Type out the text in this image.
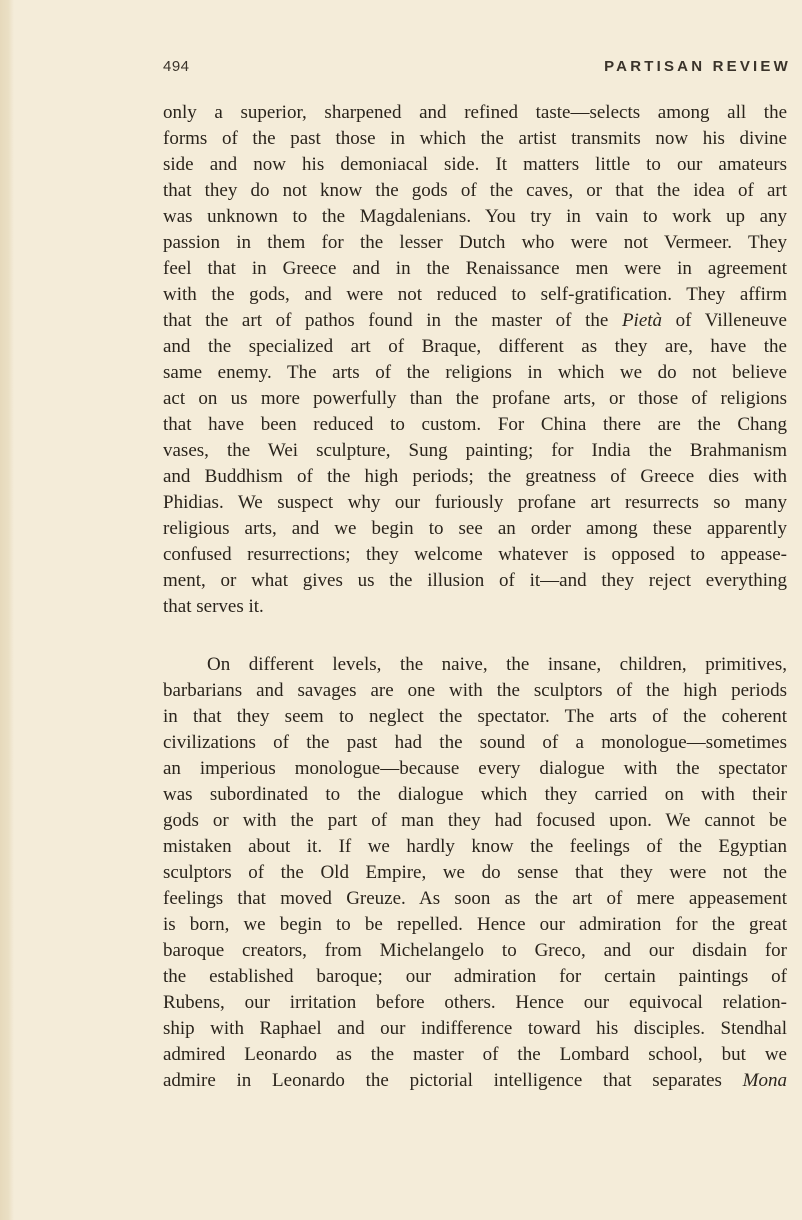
494	PARTISAN REVIEW
only a superior, sharpened and refined taste—selects among all the
forms of the past those in which the artist transmits now his divine
side and now his demoniacal side. It matters little to our amateurs
that they do not know the gods of the caves, or that the idea of art
was unknown to the Magdalenians. You try in vain to work up any
passion in them for the lesser Dutch who were not Vermeer. They
feel that in Greece and in the Renaissance men were in agreement
with the gods, and were not reduced to self-gratification. They affirm
that the art of pathos found in the master of the Pietà of Villeneuve
and the specialized art of Braque, different as they are, have the
same enemy. The arts of the religions in which we do not believe
act on us more powerfully than the profane arts, or those of religions
that have been reduced to custom. For China there are the Chang
vases, the Wei sculpture, Sung painting; for India the Brahmanism
and Buddhism of the high periods; the greatness of Greece dies with
Phidias. We suspect why our furiously profane art resurrects so many
religious arts, and we begin to see an order among these apparently
confused resurrections; they welcome whatever is opposed to appease-
ment, or what gives us the illusion of it—and they reject everything
that serves it.
On different levels, the naive, the insane, children, primitives,
barbarians and savages are one with the sculptors of the high periods
in that they seem to neglect the spectator. The arts of the coherent
civilizations of the past had the sound of a monologue—sometimes
an imperious monologue—because every dialogue with the spectator
was subordinated to the dialogue which they carried on with their
gods or with the part of man they had focused upon. We cannot be
mistaken about it. If we hardly know the feelings of the Egyptian
sculptors of the Old Empire, we do sense that they were not the
feelings that moved Greuze. As soon as the art of mere appeasement
is born, we begin to be repelled. Hence our admiration for the great
baroque creators, from Michelangelo to Greco, and our disdain for
the established baroque; our admiration for certain paintings of
Rubens, our irritation before others. Hence our equivocal relation-
ship with Raphael and our indifference toward his disciples. Stendhal
admired Leonardo as the master of the Lombard school, but we
admire in Leonardo the pictorial intelligence that separates Mona
